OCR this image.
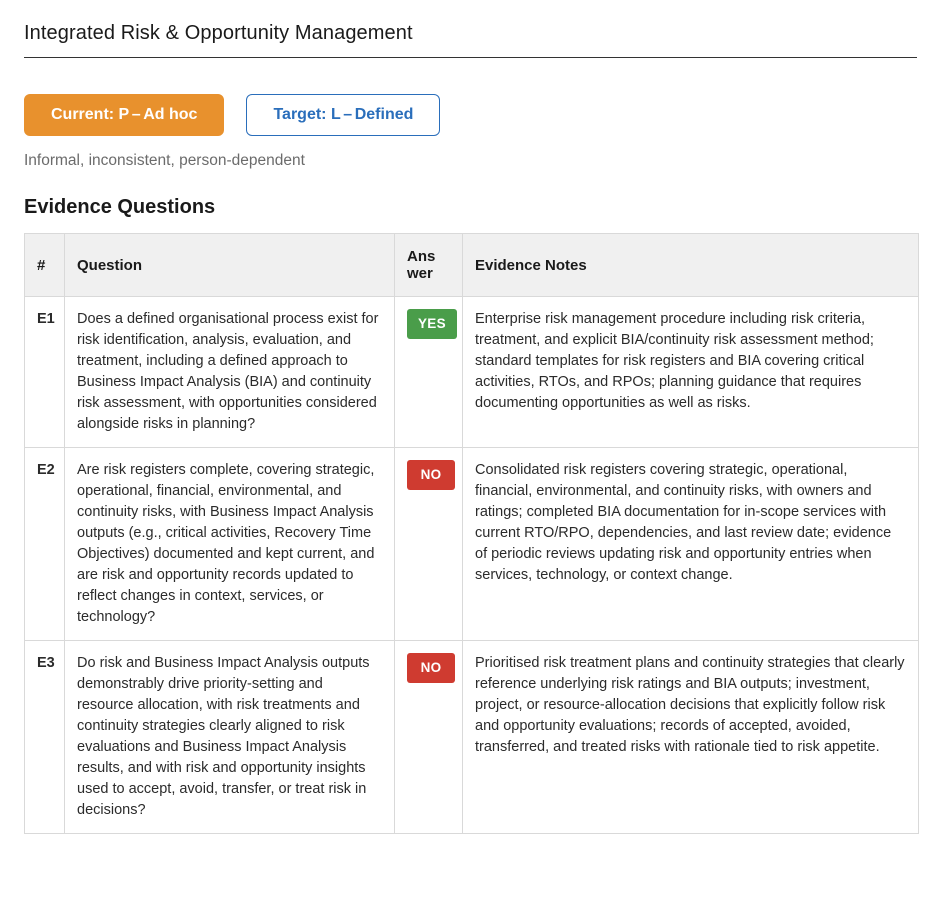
Integrated Risk & Opportunity Management
Current: P – Ad hoc	Target: L – Defined
Informal, inconsistent, person-dependent
Evidence Questions
#	Question	Ans wer	Evidence Notes
E1	Does a defined organisational process exist for risk identification, analysis, evaluation, and treatment, including a defined approach to Business Impact Analysis (BIA) and continuity risk assessment, with opportunities considered alongside risks in planning?	YES	Enterprise risk management procedure including risk criteria, treatment, and explicit BIA/continuity risk assessment method; standard templates for risk registers and BIA covering critical
activities, RTOs, and RPOs; planning guidance that requires documenting opportunities as well as risks.

E2	Are risk registers complete, covering strategic, operational, financial, environmental, and continuity risks, with Business Impact Analysis outputs (e.g., critical activities, Recovery Time Objectives) documented and kept current, and are risk and opportunity records updated to reflect changes in context, services, or technology?	NO	Consolidated risk registers covering strategic, operational, financial, environmental, and continuity risks, with owners and ratings; completed BIA documentation for in-scope services with current RTO/RPO, dependencies, and last review date; evidence of periodic reviews updating risk and opportunity entries when services, technology, or context change.

E3	Do risk and Business Impact Analysis outputs demonstrably drive priority-setting and resource allocation, with risk treatments and continuity strategies clearly aligned to risk evaluations and Business Impact Analysis results, and with risk and opportunity insights used to accept, avoid, transfer, or treat risk in decisions?	NO	Prioritised risk treatment plans and continuity strategies that clearly reference underlying risk ratings and BIA outputs; investment, project, or resource-allocation decisions that explicitly follow risk
and opportunity evaluations; records of accepted, avoided, transferred, and treated risks with rationale tied to risk appetite.
